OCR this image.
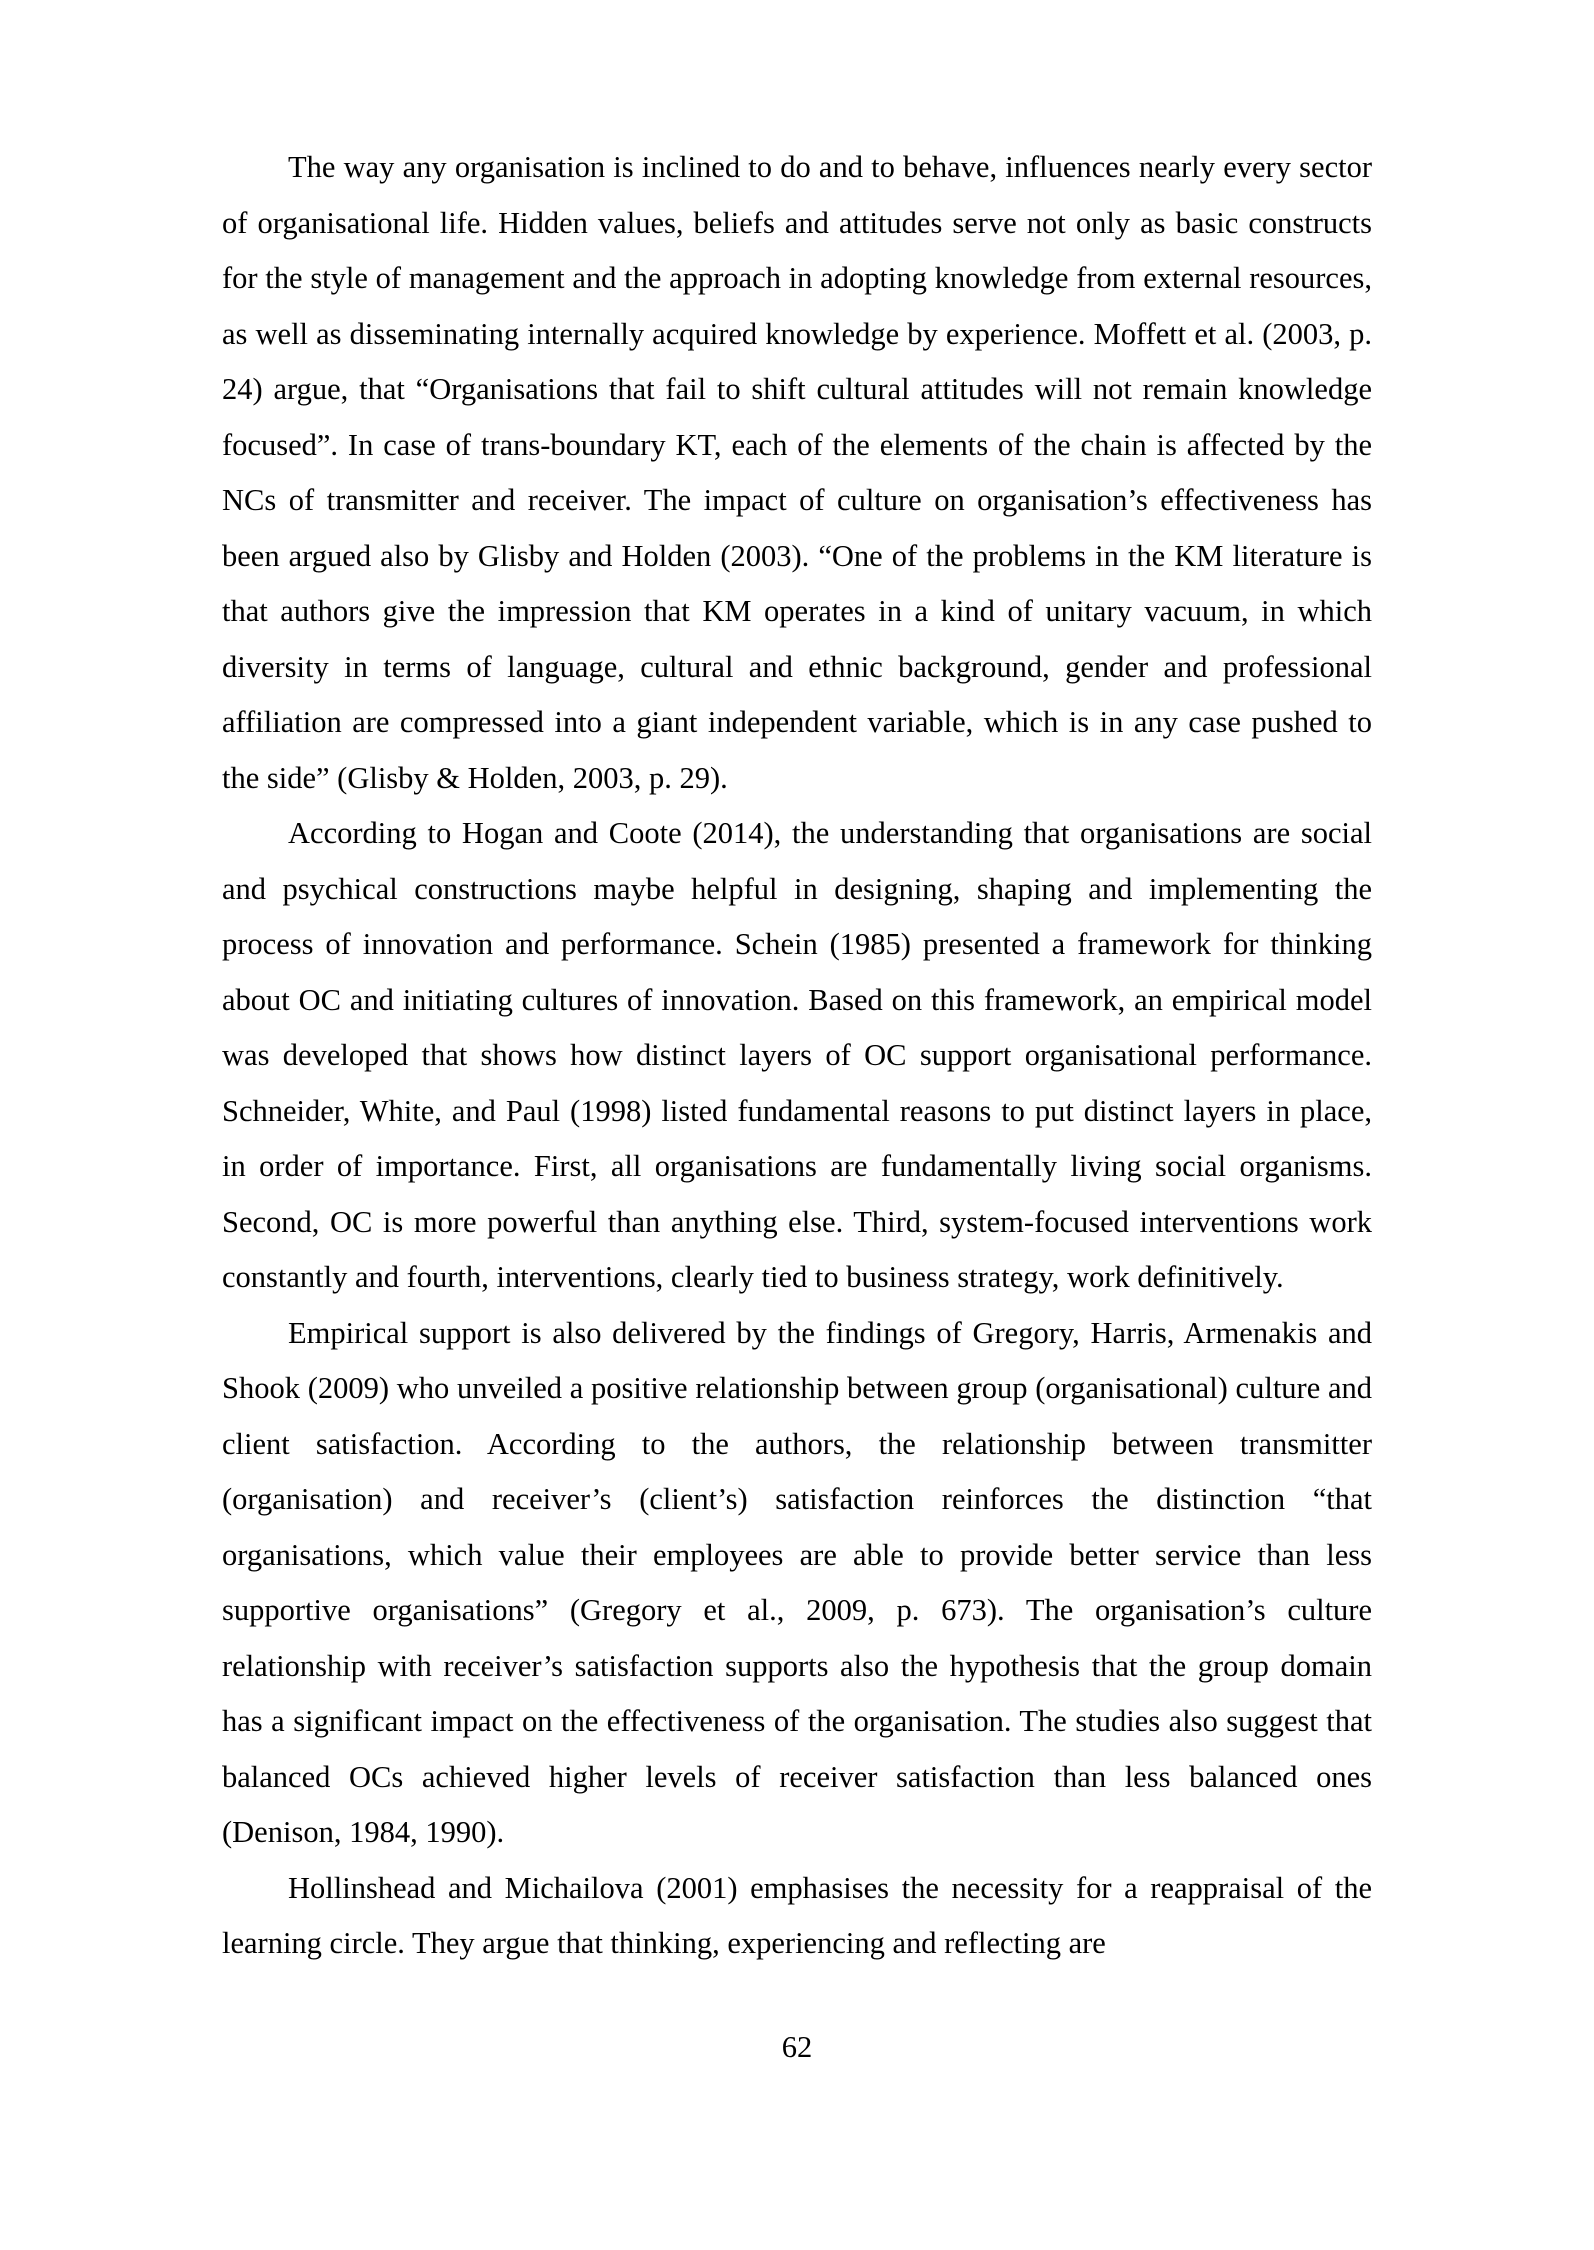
The way any organisation is inclined to do and to behave, influences nearly every sector of organisational life. Hidden values, beliefs and attitudes serve not only as basic constructs for the style of management and the approach in adopting knowledge from external resources, as well as disseminating internally acquired knowledge by experience. Moffett et al. (2003, p. 24) argue, that “Organisations that fail to shift cultural attitudes will not remain knowledge focused”. In case of trans-boundary KT, each of the elements of the chain is affected by the NCs of transmitter and receiver. The impact of culture on organisation’s effectiveness has been argued also by Glisby and Holden (2003). “One of the problems in the KM literature is that authors give the impression that KM operates in a kind of unitary vacuum, in which diversity in terms of language, cultural and ethnic background, gender and professional affiliation are compressed into a giant independent variable, which is in any case pushed to the side” (Glisby & Holden, 2003, p. 29).

According to Hogan and Coote (2014), the understanding that organisations are social and psychical constructions maybe helpful in designing, shaping and implementing the process of innovation and performance. Schein (1985) presented a framework for thinking about OC and initiating cultures of innovation. Based on this framework, an empirical model was developed that shows how distinct layers of OC support organisational performance. Schneider, White, and Paul (1998) listed fundamental reasons to put distinct layers in place, in order of importance. First, all organisations are fundamentally living social organisms. Second, OC is more powerful than anything else. Third, system-focused interventions work constantly and fourth, interventions, clearly tied to business strategy, work definitively.

Empirical support is also delivered by the findings of Gregory, Harris, Armenakis and Shook (2009) who unveiled a positive relationship between group (organisational) culture and client satisfaction. According to the authors, the relationship between transmitter (organisation) and receiver’s (client’s) satisfaction reinforces the distinction “that organisations, which value their employees are able to provide better service than less supportive organisations” (Gregory et al., 2009, p. 673). The organisation’s culture relationship with receiver’s satisfaction supports also the hypothesis that the group domain has a significant impact on the effectiveness of the organisation. The studies also suggest that balanced OCs achieved higher levels of receiver satisfaction than less balanced ones (Denison, 1984, 1990).

Hollinshead and Michailova (2001) emphasises the necessity for a reappraisal of the learning circle. They argue that thinking, experiencing and reflecting are

62
